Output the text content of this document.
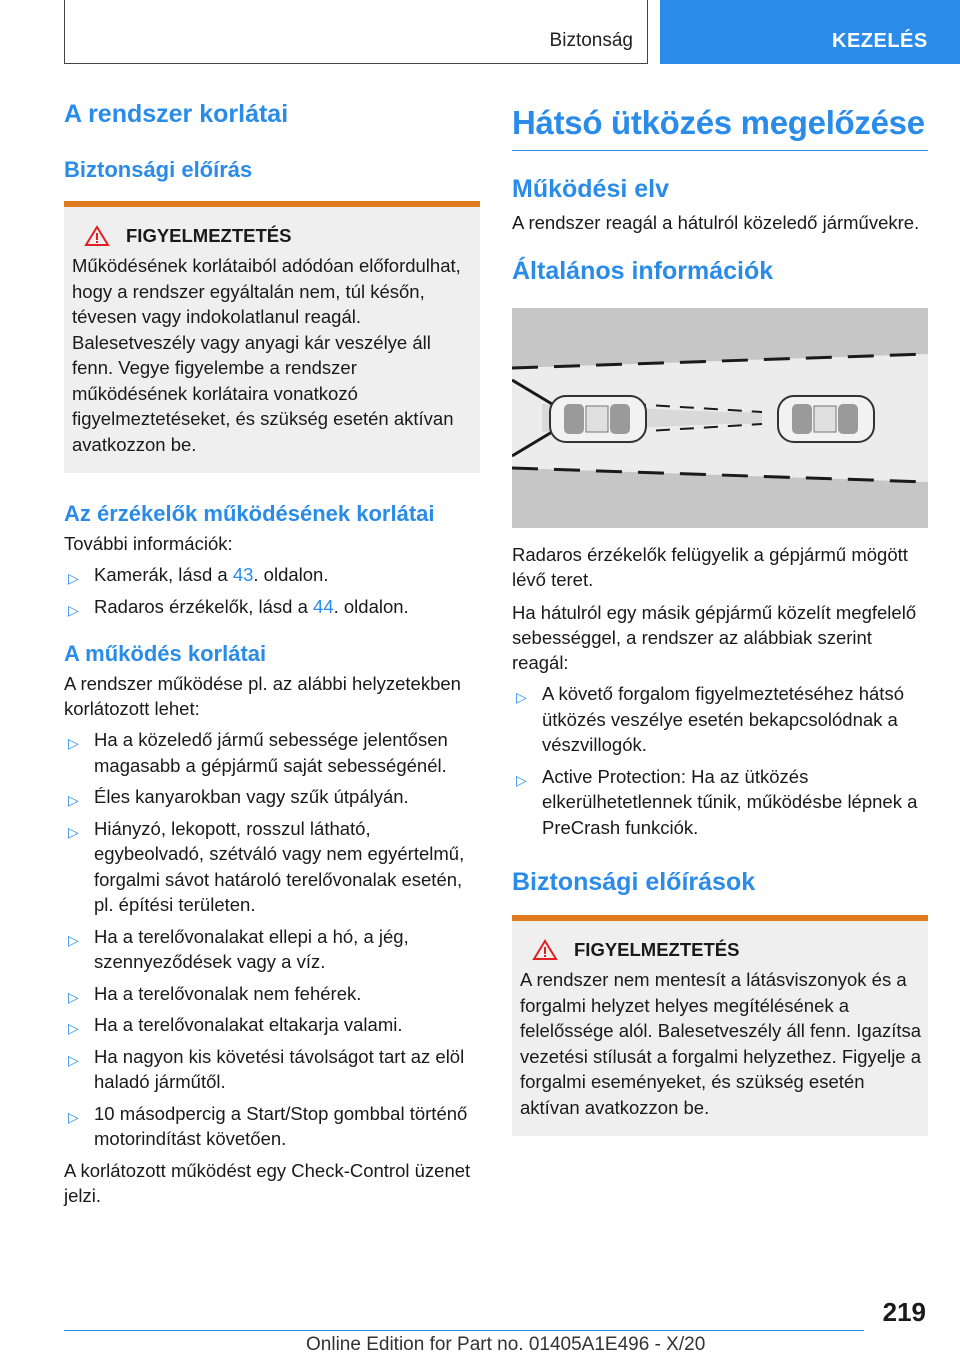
Biztonság	KEZELÉS
A rendszer korlátai
Biztonsági előírás
FIGYELMEZTETÉS

Működésének korlátaiból adódóan előfordulhat, hogy a rendszer egyáltalán nem, túl későn, tévesen vagy indokolatlanul reagál. Balesetveszély vagy anyagi kár veszélye áll fenn. Vegye figyelembe a rendszer működésének korlátaira vonatkozó figyelmeztetéseket, és szükség esetén aktívan avatkozzon be.

Az érzékelők működésének korlátai

További információk:

▷ Kamerák, lásd a 43. oldalon.
▷ Radaros érzékelők, lásd a 44. oldalon.
A működés korlátai

A rendszer működése pl. az alábbi helyzetekben korlátozott lehet:

▷ Ha a közeledő jármű sebessége jelentősen magasabb a gépjármű saját sebességénél.
▷ Éles kanyarokban vagy szűk útpályán.
▷ Hiányzó, lekopott, rosszul látható, egybeolvadó, szétváló vagy nem egyértelmű, forgalmi sávot határoló terelővonalak esetén, pl. építési területen.
▷ Ha a terelővonalakat ellepi a hó, a jég, szennyeződések vagy a víz.
▷ Ha a terelővonalak nem fehérek.
▷ Ha a terelővonalakat eltakarja valami.
▷ Ha nagyon kis követési távolságot tart az elöl haladó járműtől.
▷ 10 másodpercig a Start/Stop gombbal történő motorindítást követően.

A korlátozott működést egy Check-Control üzenet jelzi.

Hátsó ütközés megelőzése
Működési elv

A rendszer reagál a hátulról közeledő járművekre.

Általános információk

Radaros érzékelők felügyelik a gépjármű mögött lévő teret.

Ha hátulról egy másik gépjármű közelít megfelelő sebességgel, a rendszer az alábbiak szerint reagál:

▷ A követő forgalom figyelmeztetéséhez hátsó ütközés veszélye esetén bekapcsolódnak a vészvillogók.
▷ Active Protection: Ha az ütközés elkerülhetetlennek tűnik, működésbe lépnek a PreCrash funkciók.
Biztonsági előírások
FIGYELMEZTETÉS

A rendszer nem mentesít a látásviszonyok és a forgalmi helyzet helyes megítélésének a felelőssége alól. Balesetveszély áll fenn. Igazítsa vezetési stílusát a forgalmi helyzethez. Figyelje a forgalmi eseményeket, és szükség esetén aktívan avatkozzon be.

219
Online Edition for Part no. 01405A1E496 - X/20
